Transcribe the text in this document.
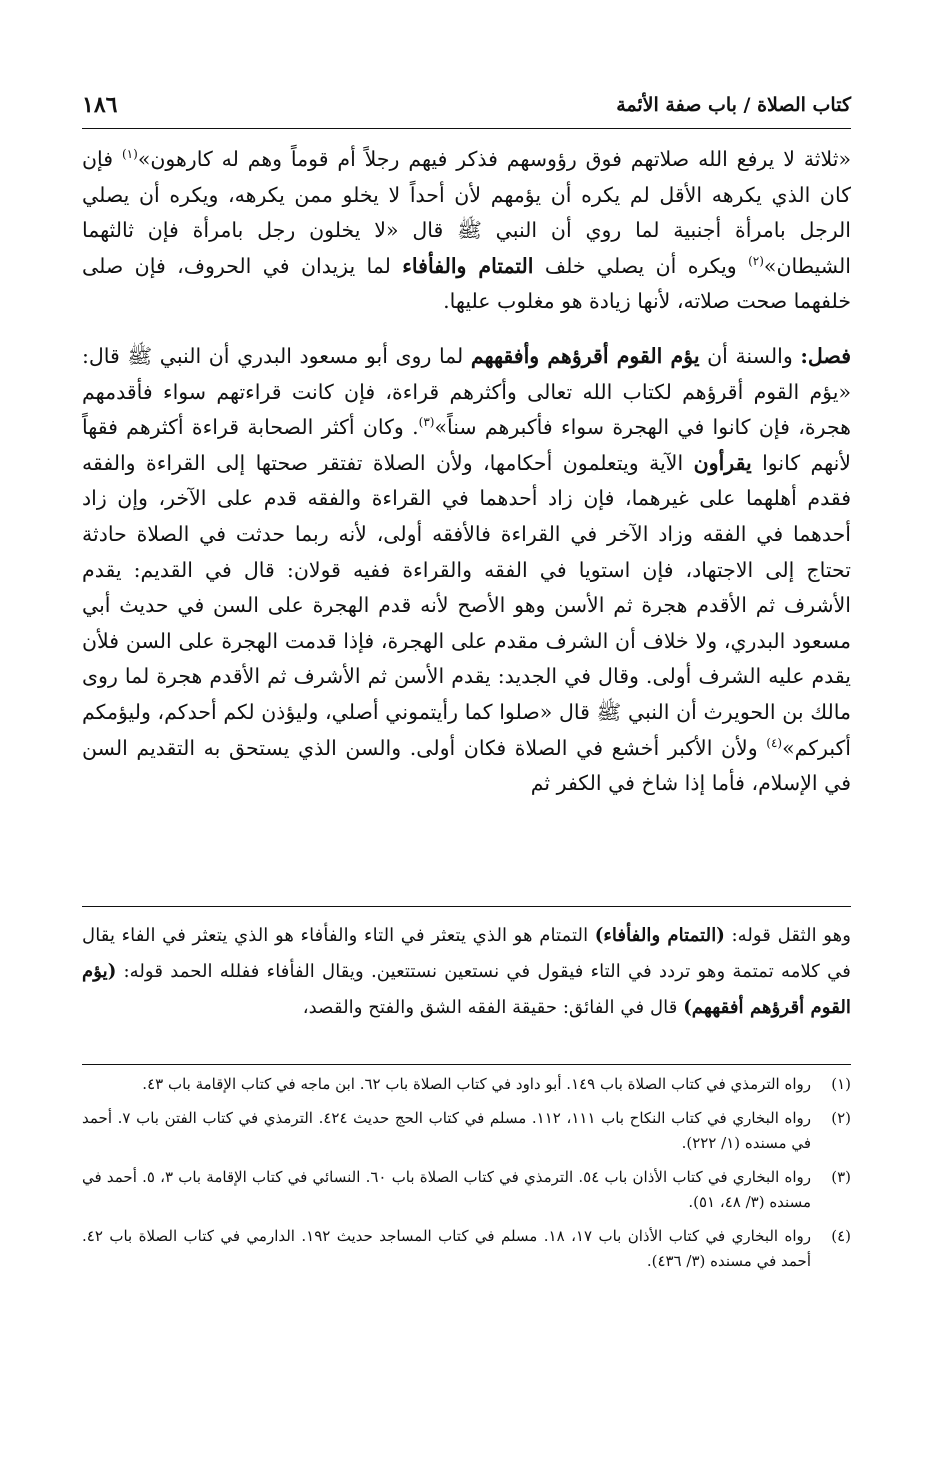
١٨٦	كتاب الصلاة / باب صفة الأئمة

«ثلاثة لا يرفع الله صلاتهم فوق رؤوسهم فذكر فيهم رجلاً أم قوماً وهم له كارهون»$^{(١)}$ فإن كان الذي يكرهه الأقل لم يكره أن يؤمهم لأن أحداً لا يخلو ممن يكرهه، ويكره أن يصلي الرجل بامرأة أجنبية لما روي أن النبي ﷺ قال «لا يخلون رجل بامرأة فإن ثالثهما الشيطان»$^{(٢)}$ ويكره أن يصلي خلف التمتام والفأفاء لما يزيدان في الحروف، فإن صلى خلفهما صحت صلاته، لأنها زيادة هو مغلوب عليها.

فصل: والسنة أن يؤم القوم أقرؤهم وأفقههم لما روى أبو مسعود البدري أن النبي ﷺ قال: «يؤم القوم أقرؤهم لكتاب الله تعالى وأكثرهم قراءة، فإن كانت قراءتهم سواء فأقدمهم هجرة، فإن كانوا في الهجرة سواء فأكبرهم سناً»$^{(٣)}$. وكان أكثر الصحابة قراءة أكثرهم فقهاً لأنهم كانوا يقرأون الآية ويتعلمون أحكامها، ولأن الصلاة تفتقر صحتها إلى القراءة والفقه فقدم أهلهما على غيرهما، فإن زاد أحدهما في القراءة والفقه قدم على الآخر، وإن زاد أحدهما في الفقه وزاد الآخر في القراءة فالأفقه أولى، لأنه ربما حدثت في الصلاة حادثة تحتاج إلى الاجتهاد، فإن استويا في الفقه والقراءة ففيه قولان: قال في القديم: يقدم الأشرف ثم الأقدم هجرة ثم الأسن وهو الأصح لأنه قدم الهجرة على السن في حديث أبي مسعود البدري، ولا خلاف أن الشرف مقدم على الهجرة، فإذا قدمت الهجرة على السن فلأن يقدم عليه الشرف أولى. وقال في الجديد: يقدم الأسن ثم الأشرف ثم الأقدم هجرة لما روى مالك بن الحويرث أن النبي ﷺ قال «صلوا كما رأيتموني أصلي، وليؤذن لكم أحدكم، وليؤمكم أكبركم»$^{(٤)}$ ولأن الأكبر أخشع في الصلاة فكان أولى. والسن الذي يستحق به التقديم السن في الإسلام، فأما إذا شاخ في الكفر ثم

وهو الثقل قوله: (التمتام والفأفاء) التمتام هو الذي يتعثر في التاء والفأفاء هو الذي يتعثر في الفاء يقال في كلامه تمتمة وهو تردد في التاء فيقول في نستعين نستتعين. ويقال الفأفاء ففلله الحمد قوله: (يؤم القوم أقرؤهم أفقههم) قال في الفائق: حقيقة الفقه الشق والفتح والقصد،

(١)
رواه الترمذي في كتاب الصلاة باب ١٤٩. أبو داود في كتاب الصلاة باب ٦٢. ابن ماجه في كتاب الإقامة باب ٤٣.
(٢)
رواه البخاري في كتاب النكاح باب ١١١، ١١٢. مسلم في كتاب الحج حديث ٤٢٤. الترمذي في كتاب الفتن باب ٧. أحمد في مسنده (١/ ٢٢٢).
(٣)
رواه البخاري في كتاب الأذان باب ٥٤. الترمذي في كتاب الصلاة باب ٦٠. النسائي في كتاب الإقامة باب ٣، ٥. أحمد في مسنده (٣/ ٤٨، ٥١).
(٤)
رواه البخاري في كتاب الأذان باب ١٧، ١٨. مسلم في كتاب المساجد حديث ١٩٢. الدارمي في كتاب الصلاة باب ٤٢. أحمد في مسنده (٣/ ٤٣٦).
